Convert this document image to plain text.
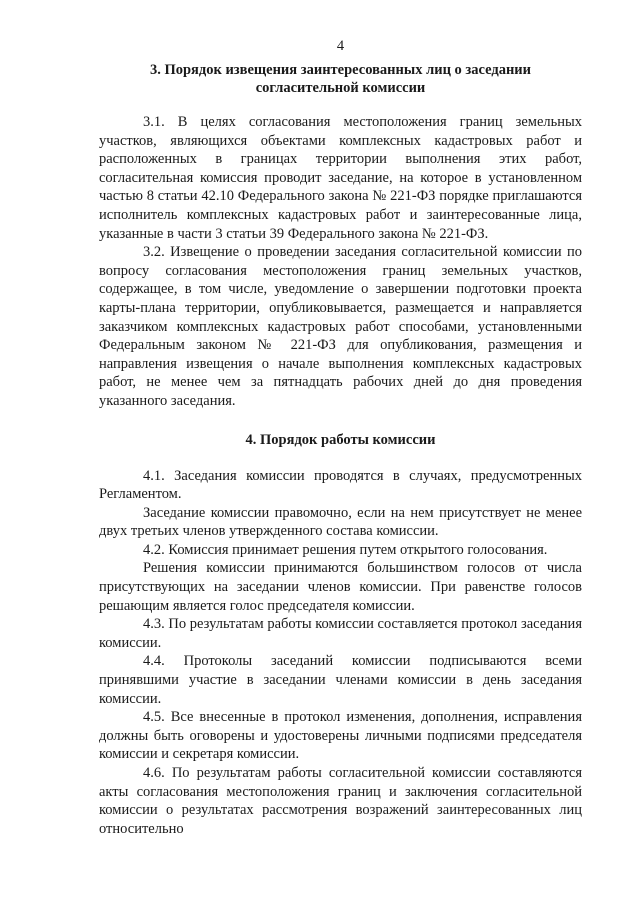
4
3. Порядок извещения заинтересованных лиц о заседании согласительной комиссии

3.1. В целях согласования местоположения границ земельных участков, являющихся объектами комплексных кадастровых работ и расположенных в границах территории выполнения этих работ, согласительная комиссия проводит заседание, на которое в установленном частью 8 статьи 42.10 Федерального закона № 221-ФЗ порядке приглашаются исполнитель комплексных кадастровых работ и заинтересованные лица, указанные в части 3 статьи 39 Федерального закона № 221-ФЗ.

3.2. Извещение о проведении заседания согласительной комиссии по вопросу согласования местоположения границ земельных участков, содержащее, в том числе, уведомление о завершении подготовки проекта карты-плана территории, опубликовывается, размещается и направляется заказчиком комплексных кадастровых работ способами, установленными Федеральным законом № 221-ФЗ для опубликования, размещения и направления извещения о начале выполнения комплексных кадастровых работ, не менее чем за пятнадцать рабочих дней до дня проведения указанного заседания.

4. Порядок работы комиссии

4.1. Заседания комиссии проводятся в случаях, предусмотренных Регламентом.

Заседание комиссии правомочно, если на нем присутствует не менее двух третьих членов утвержденного состава комиссии.

4.2. Комиссия принимает решения путем открытого голосования.

Решения комиссии принимаются большинством голосов от числа присутствующих на заседании членов комиссии. При равенстве голосов решающим является голос председателя комиссии.

4.3. По результатам работы комиссии составляется протокол заседания комиссии.

4.4. Протоколы заседаний комиссии подписываются всеми принявшими участие в заседании членами комиссии в день заседания комиссии.

4.5. Все внесенные в протокол изменения, дополнения, исправления должны быть оговорены и удостоверены личными подписями председателя комиссии и секретаря комиссии.

4.6. По результатам работы согласительной комиссии составляются акты согласования местоположения границ и заключения согласительной комиссии о результатах рассмотрения возражений заинтересованных лиц относительно
